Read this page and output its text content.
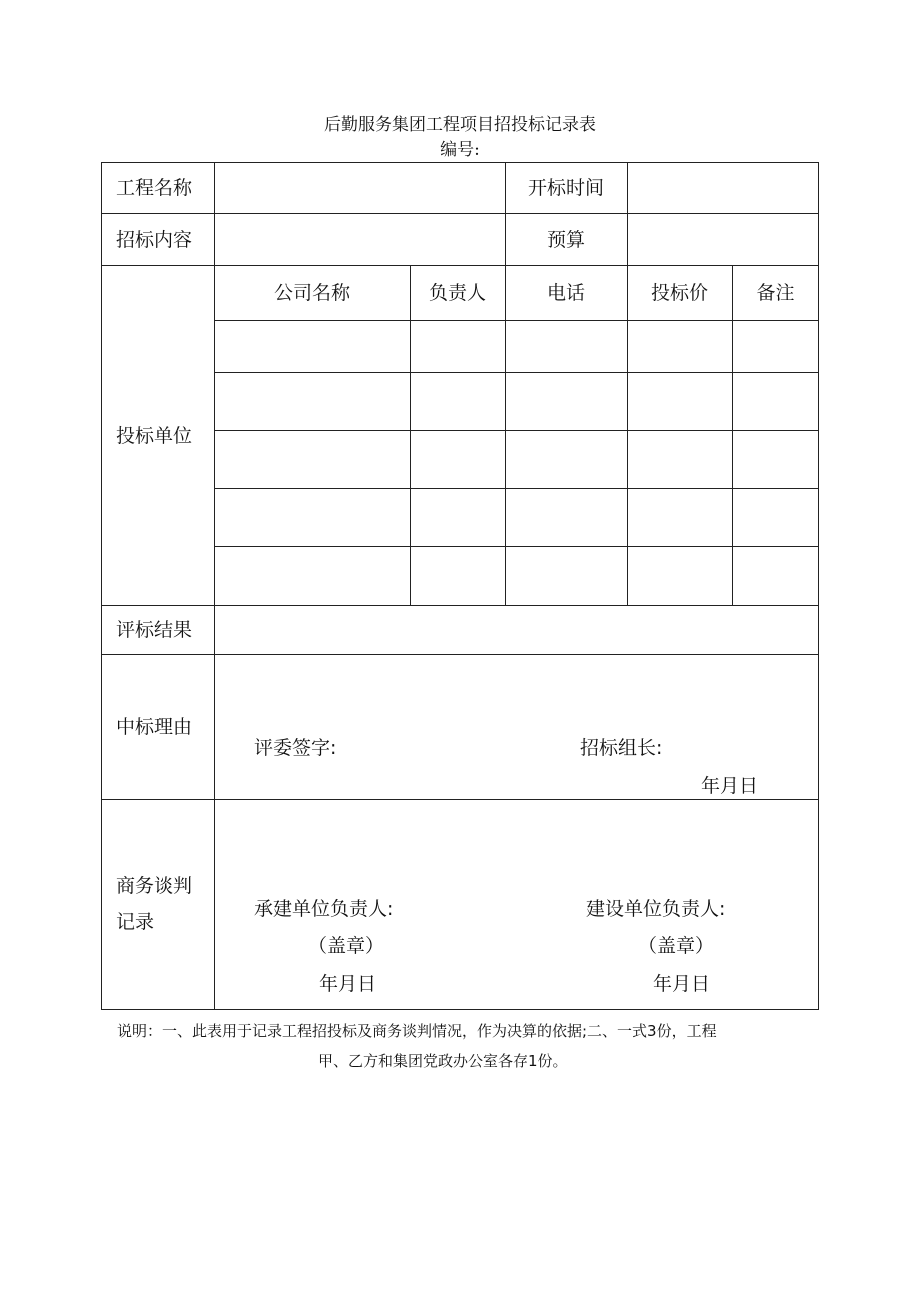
后勤服务集团工程项目招投标记录表
编号:
工程名称	开标时间
招标内容	预算
投标单位
公司名称	负责人	电话	投标价	备注
评标结果
中标理由
评委签字:	招标组长:
年月日
商务谈判
记录
承建单位负责人:	建设单位负责人:
（盖章）	（盖章）
年月日	年月日
说明：一、此表用于记录工程招投标及商务谈判情况，作为决算的依据;二、一式3份，工程
甲、乙方和集团党政办公室各存1份。
